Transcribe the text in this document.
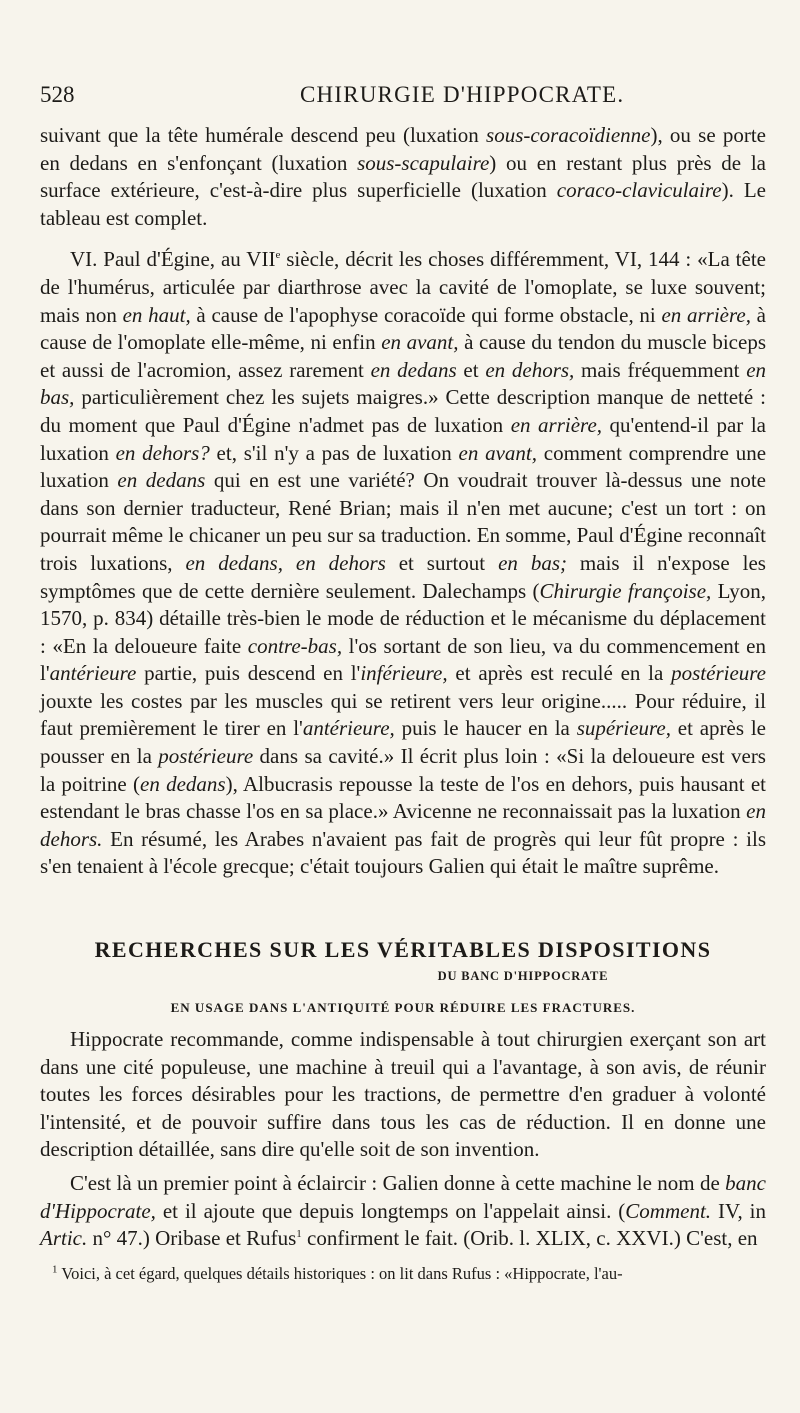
528	CHIRURGIE D'HIPPOCRATE.

suivant que la tête humérale descend peu (luxation sous-coracoïdienne), ou se porte en dedans en s'enfonçant (luxation sous-scapulaire) ou en restant plus près de la surface extérieure, c'est-à-dire plus superficielle (luxation coraco-claviculaire). Le tableau est complet.

VI. Paul d'Égine, au VIIe siècle, décrit les choses différemment, VI, 144 : «La tête de l'humérus, articulée par diarthrose avec la cavité de l'omoplate, se luxe souvent; mais non en haut, à cause de l'apophyse coracoïde qui forme obstacle, ni en arrière, à cause de l'omoplate elle-même, ni enfin en avant, à cause du tendon du muscle biceps et aussi de l'acromion, assez rarement en dedans et en dehors, mais fréquemment en bas, particulièrement chez les sujets maigres.» Cette description manque de netteté : du moment que Paul d'Égine n'admet pas de luxation en arrière, qu'entend-il par la luxation en dehors? et, s'il n'y a pas de luxation en avant, comment comprendre une luxation en dedans qui en est une variété? On voudrait trouver là-dessus une note dans son dernier traducteur, René Brian; mais il n'en met aucune; c'est un tort : on pourrait même le chicaner un peu sur sa traduction. En somme, Paul d'Égine reconnaît trois luxations, en dedans, en dehors et surtout en bas; mais il n'expose les symptômes que de cette dernière seulement. Dalechamps (Chirurgie françoise, Lyon, 1570, p. 834) détaille très-bien le mode de réduction et le mécanisme du déplacement : «En la deloueure faite contre-bas, l'os sortant de son lieu, va du commencement en l'antérieure partie, puis descend en l'inférieure, et après est reculé en la postérieure jouxte les costes par les muscles qui se retirent vers leur origine..... Pour réduire, il faut premièrement le tirer en l'antérieure, puis le haucer en la supérieure, et après le pousser en la postérieure dans sa cavité.» Il écrit plus loin : «Si la deloueure est vers la poitrine (en dedans), Albucrasis repousse la teste de l'os en dehors, puis hausant et estendant le bras chasse l'os en sa place.» Avicenne ne reconnaissait pas la luxation en dehors. En résumé, les Arabes n'avaient pas fait de progrès qui leur fût propre : ils s'en tenaient à l'école grecque; c'était toujours Galien qui était le maître suprême.

RECHERCHES SUR LES VÉRITABLES DISPOSITIONS
DU BANC D'HIPPOCRATE
EN USAGE DANS L'ANTIQUITÉ POUR RÉDUIRE LES FRACTURES.

Hippocrate recommande, comme indispensable à tout chirurgien exerçant son art dans une cité populeuse, une machine à treuil qui a l'avantage, à son avis, de réunir toutes les forces désirables pour les tractions, de permettre d'en graduer à volonté l'intensité, et de pouvoir suffire dans tous les cas de réduction. Il en donne une description détaillée, sans dire qu'elle soit de son invention.

C'est là un premier point à éclaircir : Galien donne à cette machine le nom de banc d'Hippocrate, et il ajoute que depuis longtemps on l'appelait ainsi. (Comment. IV, in Artic. n° 47.) Oribase et Rufus$^1$ confirment le fait. (Orib. l. XLIX, c. XXVI.) C'est, en

$^1$ Voici, à cet égard, quelques détails historiques : on lit dans Rufus : «Hippocrate, l'au-
